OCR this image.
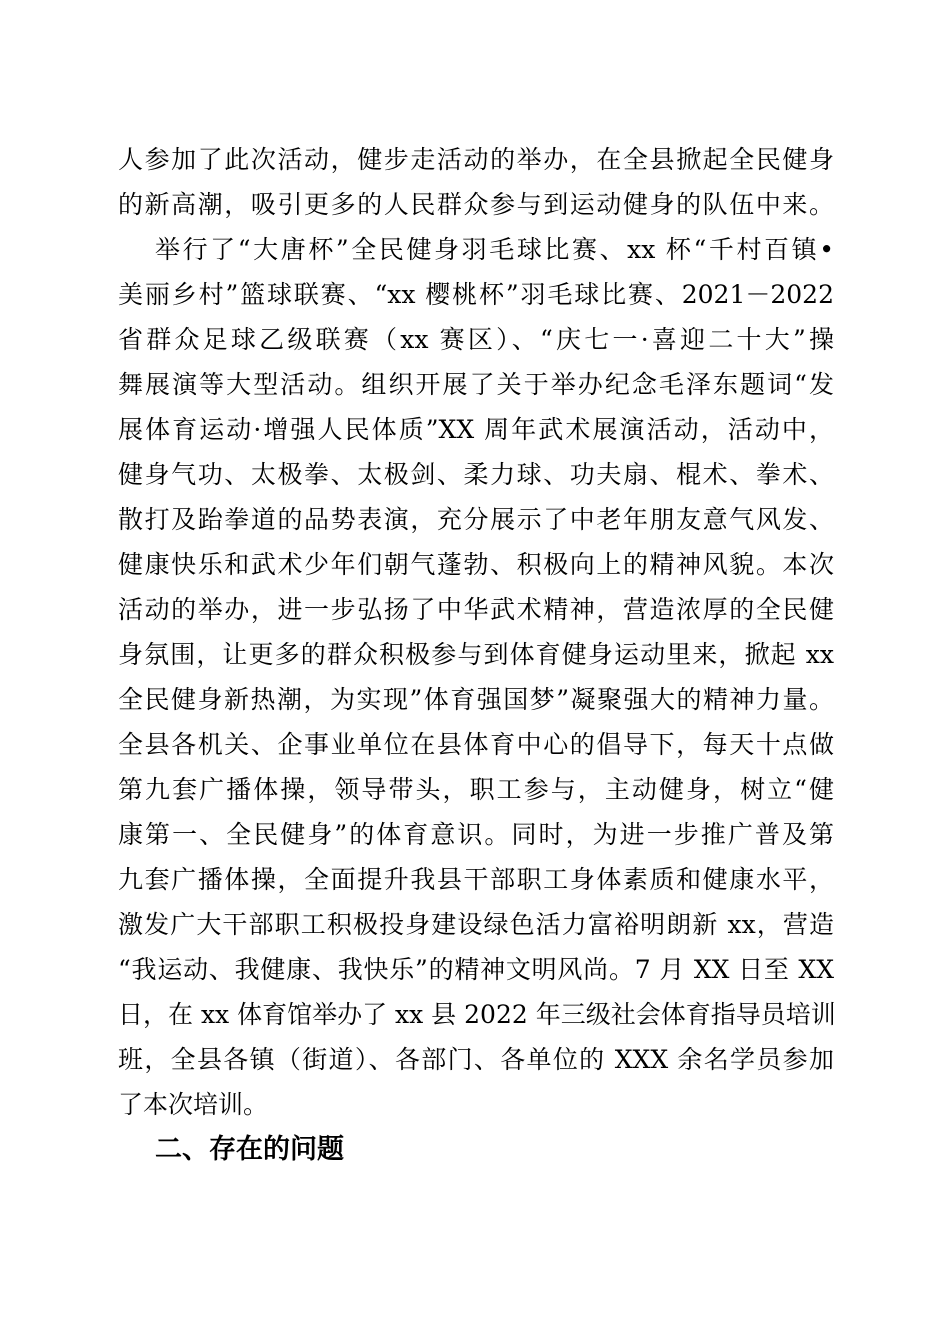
人参加了此次活动，健步走活动的举办，在全县掀起全民健身
的新高潮，吸引更多的人民群众参与到运动健身的队伍中来。
举行了“大唐杯”全民健身羽毛球比赛、xx 杯“千村百镇•
美丽乡村”篮球联赛、“xx 樱桃杯”羽毛球比赛、2021－2022
省群众足球乙级联赛（xx 赛区）、“庆七一·喜迎二十大”操
舞展演等大型活动。组织开展了关于举办纪念毛泽东题词“发
展体育运动·增强人民体质”XX 周年武术展演活动，活动中，
健身气功、太极拳、太极剑、柔力球、功夫扇、棍术、拳术、
散打及跆拳道的品势表演，充分展示了中老年朋友意气风发、
健康快乐和武术少年们朝气蓬勃、积极向上的精神风貌。本次
活动的举办，进一步弘扬了中华武术精神，营造浓厚的全民健
身氛围，让更多的群众积极参与到体育健身运动里来，掀起 xx
全民健身新热潮，为实现”体育强国梦”凝聚强大的精神力量。
全县各机关、企事业单位在县体育中心的倡导下，每天十点做
第九套广播体操，领导带头，职工参与，主动健身，树立“健
康第一、全民健身”的体育意识。同时，为进一步推广普及第
九套广播体操，全面提升我县干部职工身体素质和健康水平，
激发广大干部职工积极投身建设绿色活力富裕明朗新 xx，营造
“我运动、我健康、我快乐”的精神文明风尚。7 月 XX 日至 XX
日，在 xx 体育馆举办了 xx 县 2022 年三级社会体育指导员培训
班，全县各镇（街道）、各部门、各单位的 XXX 余名学员参加
了本次培训。
二、存在的问题
